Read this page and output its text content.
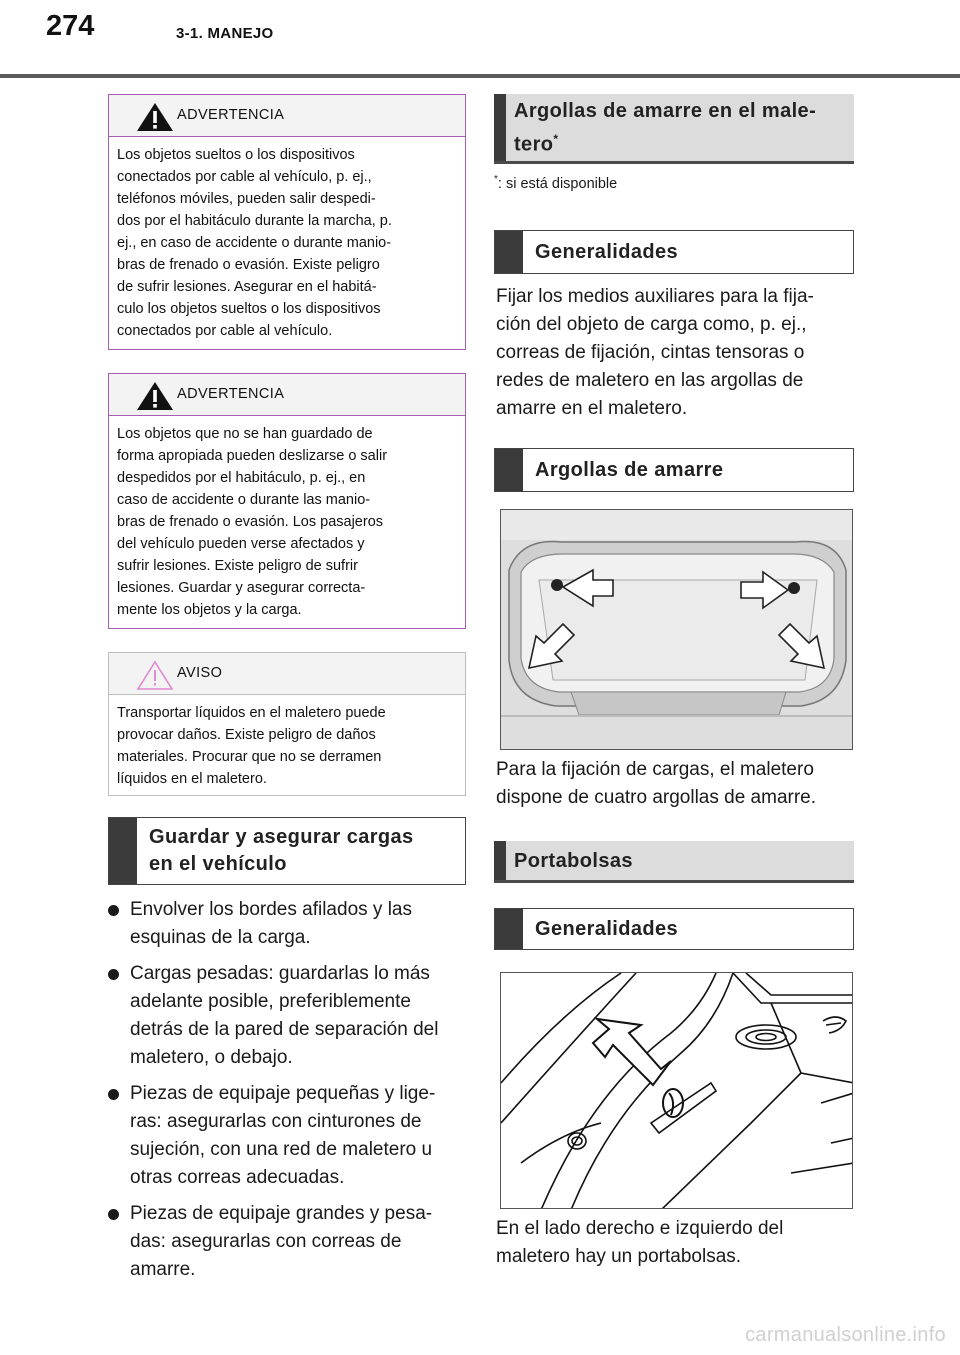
274	3-1. MANEJO
ADVERTENCIA
Los objetos sueltos o los dispositivos
conectados por cable al vehículo, p. ej.,
teléfonos móviles, pueden salir despedi-
dos por el habitáculo durante la marcha, p.
ej., en caso de accidente o durante manio-
bras de frenado o evasión. Existe peligro
de sufrir lesiones. Asegurar en el habitá-
culo los objetos sueltos o los dispositivos
conectados por cable al vehículo.
ADVERTENCIA
Los objetos que no se han guardado de
forma apropiada pueden deslizarse o salir
despedidos por el habitáculo, p. ej., en
caso de accidente o durante las manio-
bras de frenado o evasión. Los pasajeros
del vehículo pueden verse afectados y
sufrir lesiones. Existe peligro de sufrir
lesiones. Guardar y asegurar correcta-
mente los objetos y la carga.
AVISO
Transportar líquidos en el maletero puede
provocar daños. Existe peligro de daños
materiales. Procurar que no se derramen
líquidos en el maletero.
Guardar y asegurar cargas
en el vehículo
Envolver los bordes afilados y las
esquinas de la carga.
Cargas pesadas: guardarlas lo más
adelante posible, preferiblemente
detrás de la pared de separación del
maletero, o debajo.
Piezas de equipaje pequeñas y lige-
ras: asegurarlas con cinturones de
sujeción, con una red de maletero u
otras correas adecuadas.
Piezas de equipaje grandes y pesa-
das: asegurarlas con correas de
amarre.
Argollas de amarre en el male-
tero*
*: si está disponible
Generalidades
Fijar los medios auxiliares para la fija-
ción del objeto de carga como, p. ej.,
correas de fijación, cintas tensoras o
redes de maletero en las argollas de
amarre en el maletero.
Argollas de amarre
Para la fijación de cargas, el maletero
dispone de cuatro argollas de amarre.
Portabolsas
Generalidades
En el lado derecho e izquierdo del
maletero hay un portabolsas.
carmanualsonline.info
